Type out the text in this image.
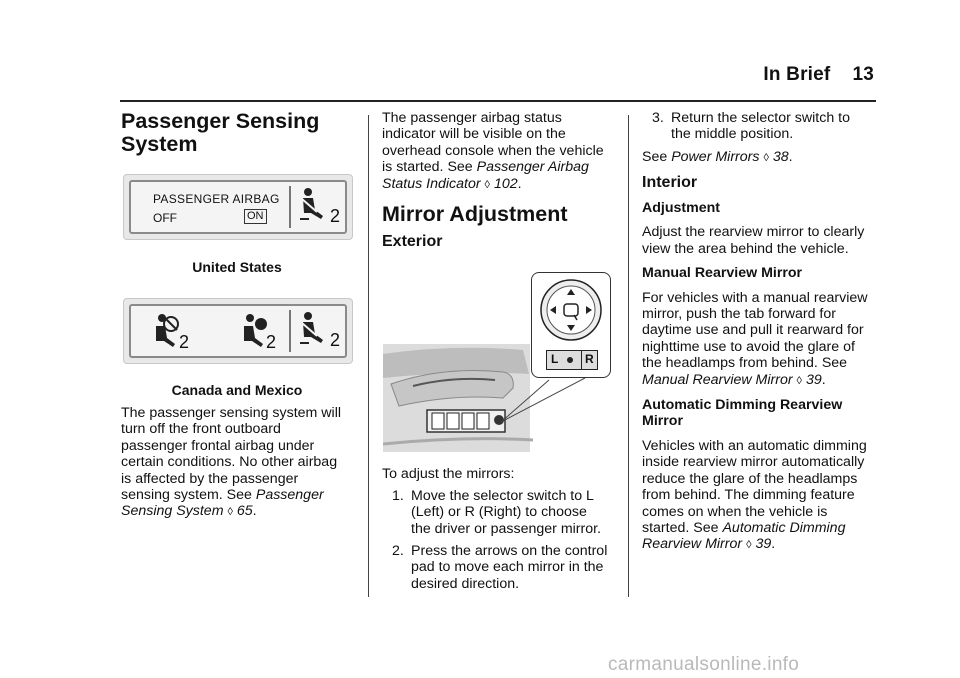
In Brief 13
Passenger Sensing
System
PASSENGER AIRBAG
OFF	ON	2
United States
2	2	2
Canada and Mexico

The passenger sensing system will

turn off the front outboard

passenger frontal airbag under

certain conditions. No other airbag

is affected by the passenger

sensing system. See Passenger

Sensing System ◊ 65.

The passenger airbag status

indicator will be visible on the

overhead console when the vehicle

is started. See Passenger Airbag

Status Indicator ◊ 102.

Mirror Adjustment
Exterior
L R

To adjust the mirrors:

1. Move the selector switch to L

(Left) or R (Right) to choose

the driver or passenger mirror.

2. Press the arrows on the control

pad to move each mirror in the

desired direction.

3. Return the selector switch to

the middle position.

See Power Mirrors ◊ 38.

Interior
Adjustment

Adjust the rearview mirror to clearly

view the area behind the vehicle.

Manual Rearview Mirror

For vehicles with a manual rearview

mirror, push the tab forward for

daytime use and pull it rearward for

nighttime use to avoid the glare of

the headlamps from behind. See

Manual Rearview Mirror ◊ 39.

Automatic Dimming Rearview
Mirror

Vehicles with an automatic dimming

inside rearview mirror automatically

reduce the glare of the headlamps

from behind. The dimming feature

comes on when the vehicle is

started. See Automatic Dimming

Rearview Mirror ◊ 39.

carmanualsonline.info
